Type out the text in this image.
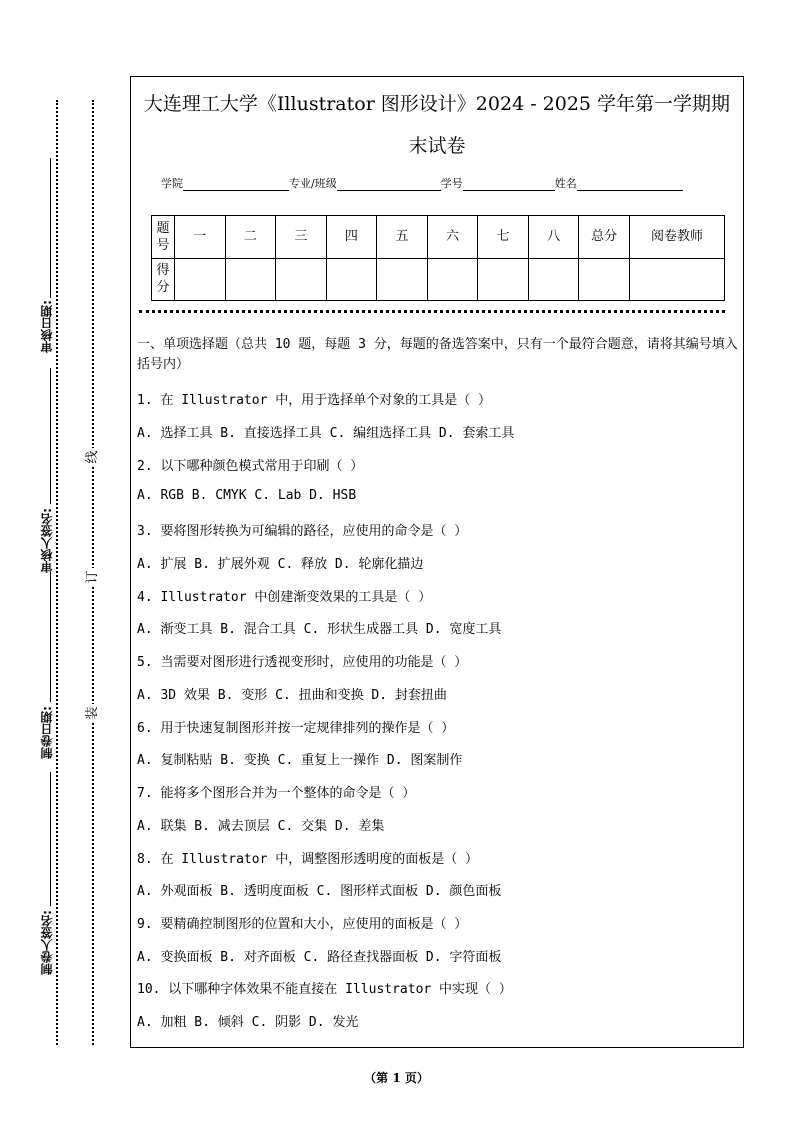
线
订
装
审核日期:
审核人签名:
制卷日期:
制卷人签名:
大连理工大学《Illustrator 图形设计》2024 - 2025 学年第一学期期
末试卷
学院	专业/班级	学号	姓名
题号	一	二	三	四	五	六	七	八	总分	阅卷教师
得分										
一、单项选择题（总共 10 题，每题 3 分，每题的备选答案中，只有一个最符合题意，请将其编号填入括号内）
1. 在 Illustrator 中，用于选择单个对象的工具是（ ）
A. 选择工具 B. 直接选择工具 C. 编组选择工具 D. 套索工具
2. 以下哪种颜色模式常用于印刷（ ）
A. RGB B. CMYK C. Lab D. HSB
3. 要将图形转换为可编辑的路径，应使用的命令是（ ）
A. 扩展 B. 扩展外观 C. 释放 D. 轮廓化描边
4. Illustrator 中创建渐变效果的工具是（ ）
A. 渐变工具 B. 混合工具 C. 形状生成器工具 D. 宽度工具
5. 当需要对图形进行透视变形时，应使用的功能是（ ）
A. 3D 效果 B. 变形 C. 扭曲和变换 D. 封套扭曲
6. 用于快速复制图形并按一定规律排列的操作是（ ）
A. 复制粘贴 B. 变换 C. 重复上一操作 D. 图案制作
7. 能将多个图形合并为一个整体的命令是（ ）
A. 联集 B. 减去顶层 C. 交集 D. 差集
8. 在 Illustrator 中，调整图形透明度的面板是（ ）
A. 外观面板 B. 透明度面板 C. 图形样式面板 D. 颜色面板
9. 要精确控制图形的位置和大小，应使用的面板是（ ）
A. 变换面板 B. 对齐面板 C. 路径查找器面板 D. 字符面板
10. 以下哪种字体效果不能直接在 Illustrator 中实现（ ）
A. 加粗 B. 倾斜 C. 阴影 D. 发光
（第 1 页）
